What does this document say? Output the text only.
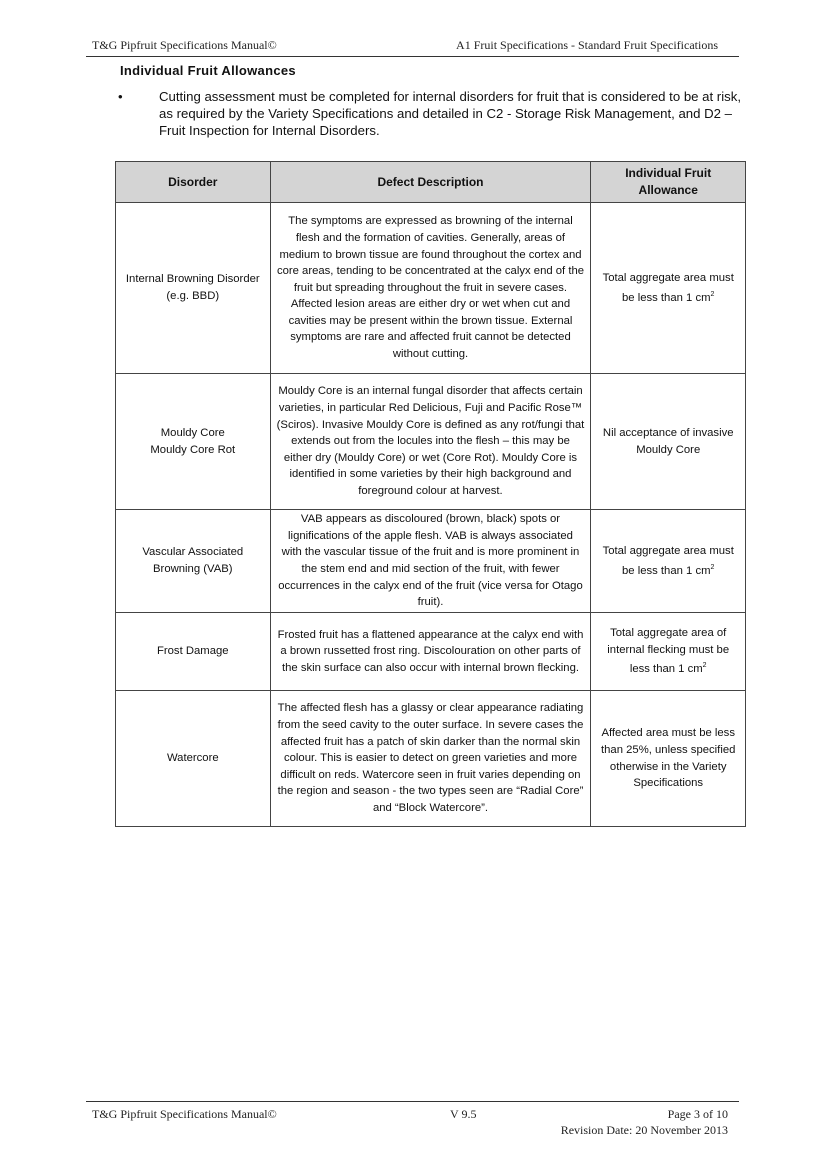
T&G Pipfruit Specifications Manual©	A1 Fruit Specifications - Standard Fruit Specifications
Individual Fruit Allowances
•	Cutting assessment must be completed for internal disorders for fruit that is considered to be at risk, as required by the Variety Specifications and detailed in C2 - Storage Risk Management, and D2 – Fruit Inspection for Internal Disorders.
Disorder	Defect Description	Individual Fruit Allowance
Internal Browning Disorder (e.g. BBD)	The symptoms are expressed as browning of the internal flesh and the formation of cavities. Generally, areas of medium to brown tissue are found throughout the cortex and core areas, tending to be concentrated at the calyx end of the fruit but spreading throughout the fruit in severe cases. Affected lesion areas are either dry or wet when cut and cavities may be present within the brown tissue. External symptoms are rare and affected fruit cannot be detected without cutting.	Total aggregate area must be less than 1 $cm^2$

Mouldy Core
Mouldy Core Rot	Mouldy Core is an internal fungal disorder that affects certain varieties, in particular Red Delicious, Fuji and Pacific Rose™ (Sciros). Invasive Mouldy Core is defined as any rot/fungi that extends out from the locules into the flesh – this may be either dry (Mouldy Core) or wet (Core Rot). Mouldy Core is identified in some varieties by their high background and foreground colour at harvest.	Nil acceptance of invasive Mouldy Core
Vascular Associated Browning (VAB)	VAB appears as discoloured (brown, black) spots or lignifications of the apple flesh. VAB is always associated with the vascular tissue of the fruit and is more prominent in the stem end and mid section of the fruit, with fewer occurrences in the calyx end of the fruit (vice versa for Otago fruit).	Total aggregate area must be less than 1 $cm^2$
Frost Damage	Frosted fruit has a flattened appearance at the calyx end with a brown russetted frost ring. Discolouration on other parts of the skin surface can also occur with internal brown flecking.	Total aggregate area of internal flecking must be less than 1 $cm^2$
Watercore	The affected flesh has a glassy or clear appearance radiating from the seed cavity to the outer surface. In severe cases the affected fruit has a patch of skin darker than the normal skin colour. This is easier to detect on green varieties and more difficult on reds. Watercore seen in fruit varies depending on the region and season - the two types seen are “Radial Core” and “Block Watercore”.	Affected area must be less than 25%, unless specified otherwise in the Variety Specifications
T&G Pipfruit Specifications Manual©	V 9.5	Page 3 of 10
Revision Date: 20 November 2013
